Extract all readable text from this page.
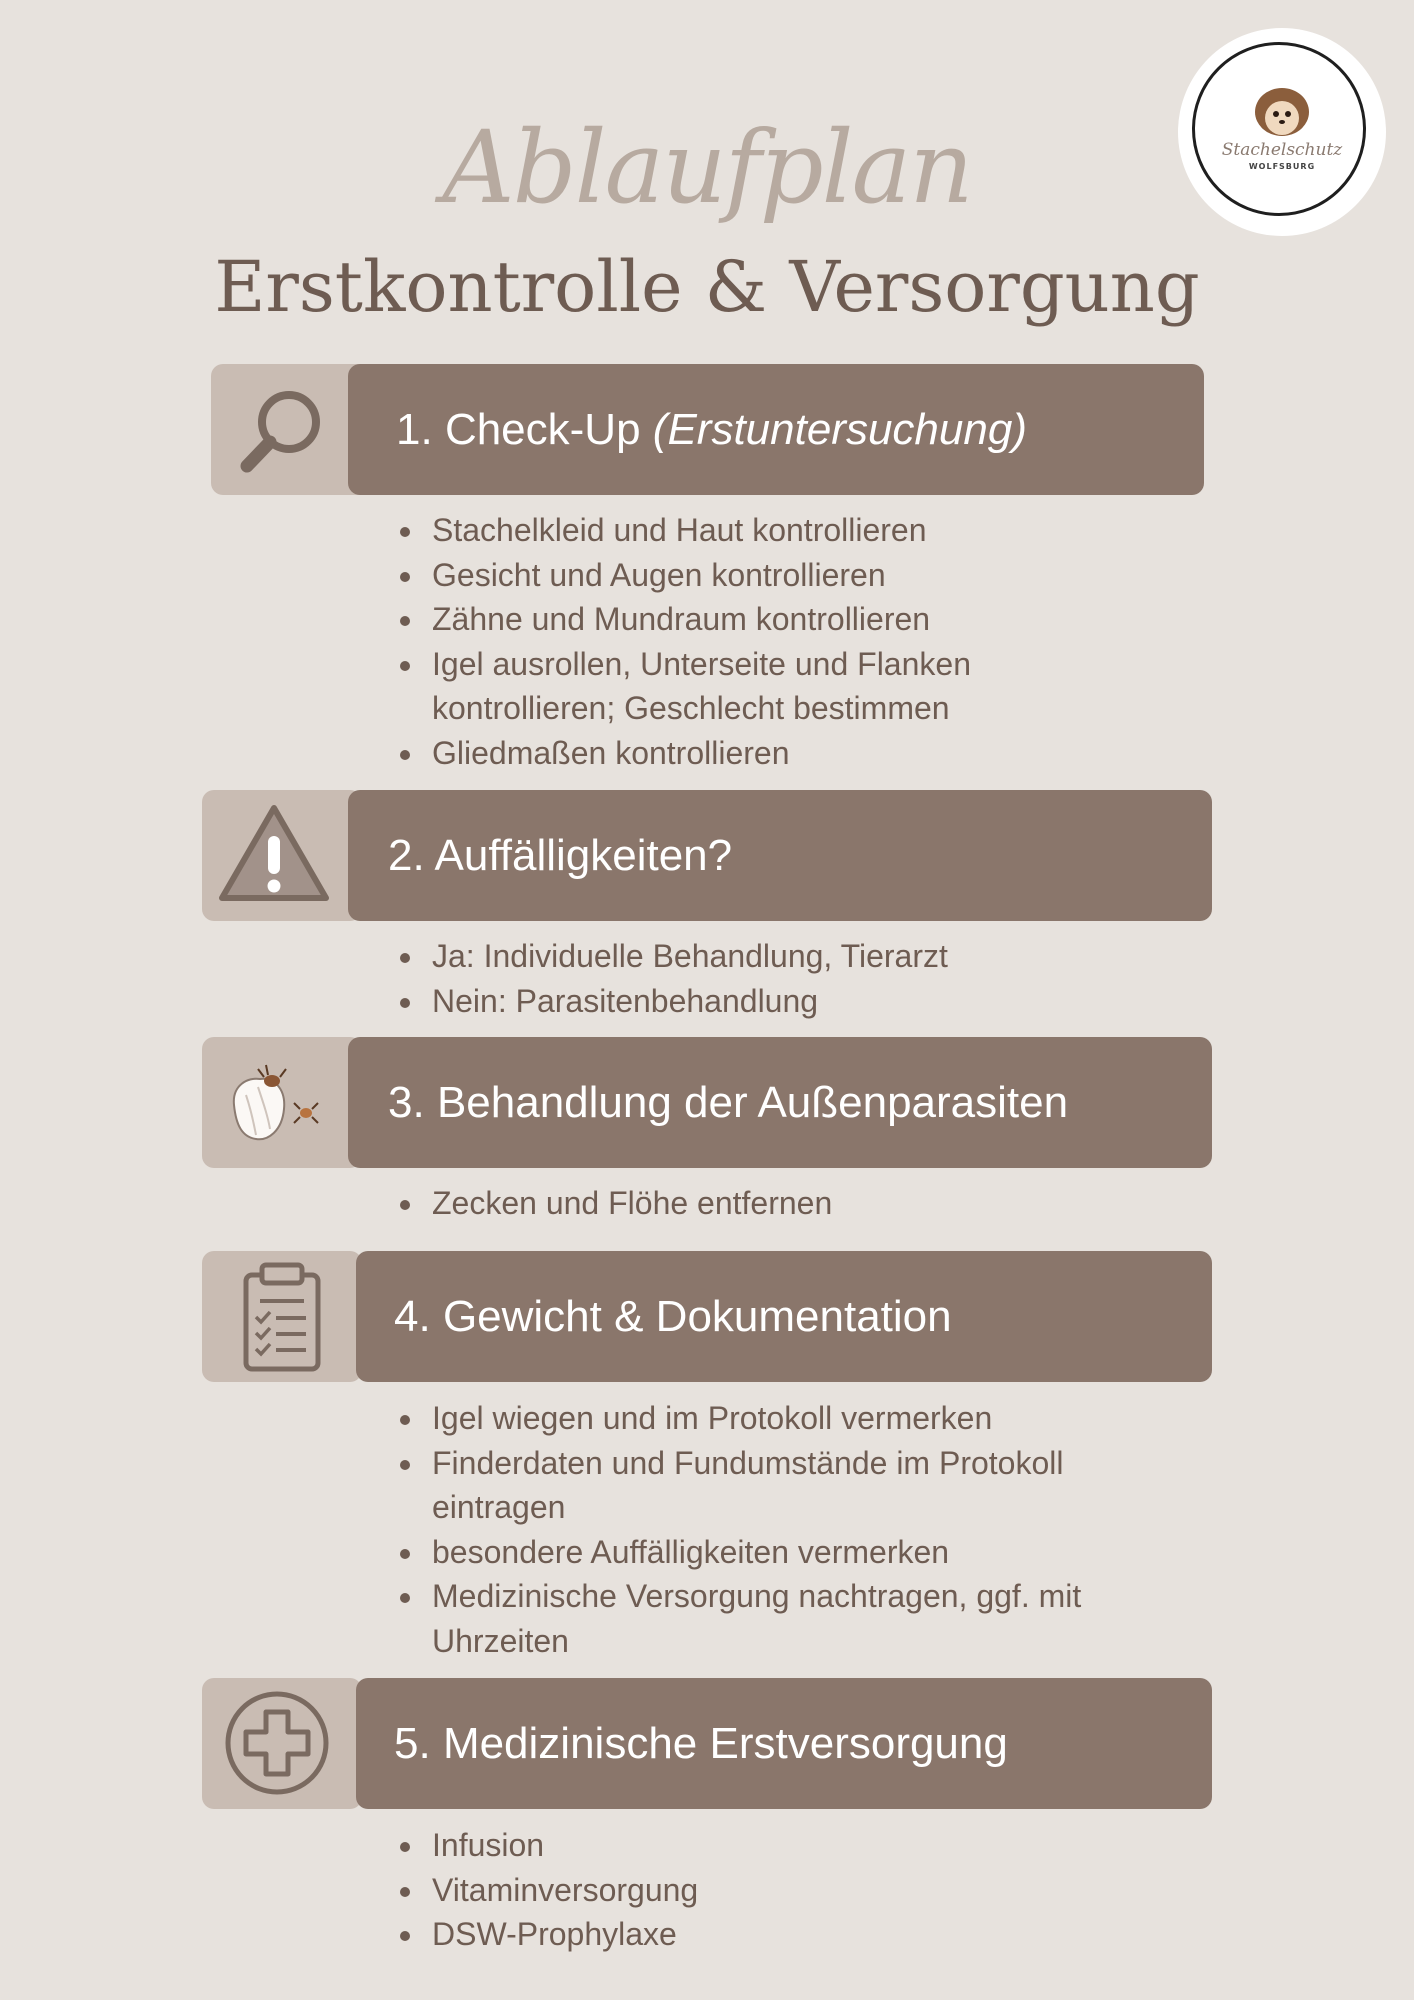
Stachelschutz
WOLFSBURG
Ablaufplan
Erstkontrolle & Versorgung
1. Check-Up (Erstuntersuchung)
Stachelkleid und Haut kontrollieren
Gesicht und Augen kontrollieren
Zähne und Mundraum kontrollieren
Igel ausrollen, Unterseite und Flanken kontrollieren; Geschlecht bestimmen
Gliedmaßen kontrollieren
2. Auffälligkeiten?
Ja: Individuelle Behandlung, Tierarzt
Nein: Parasitenbehandlung
3. Behandlung der Außenparasiten
Zecken und Flöhe entfernen
4. Gewicht & Dokumentation
Igel wiegen und im Protokoll vermerken
Finderdaten und Fundumstände im Protokoll eintragen
besondere Auffälligkeiten vermerken
Medizinische Versorgung nachtragen, ggf. mit Uhrzeiten
5. Medizinische Erstversorgung
Infusion
Vitaminversorgung
DSW-Prophylaxe
